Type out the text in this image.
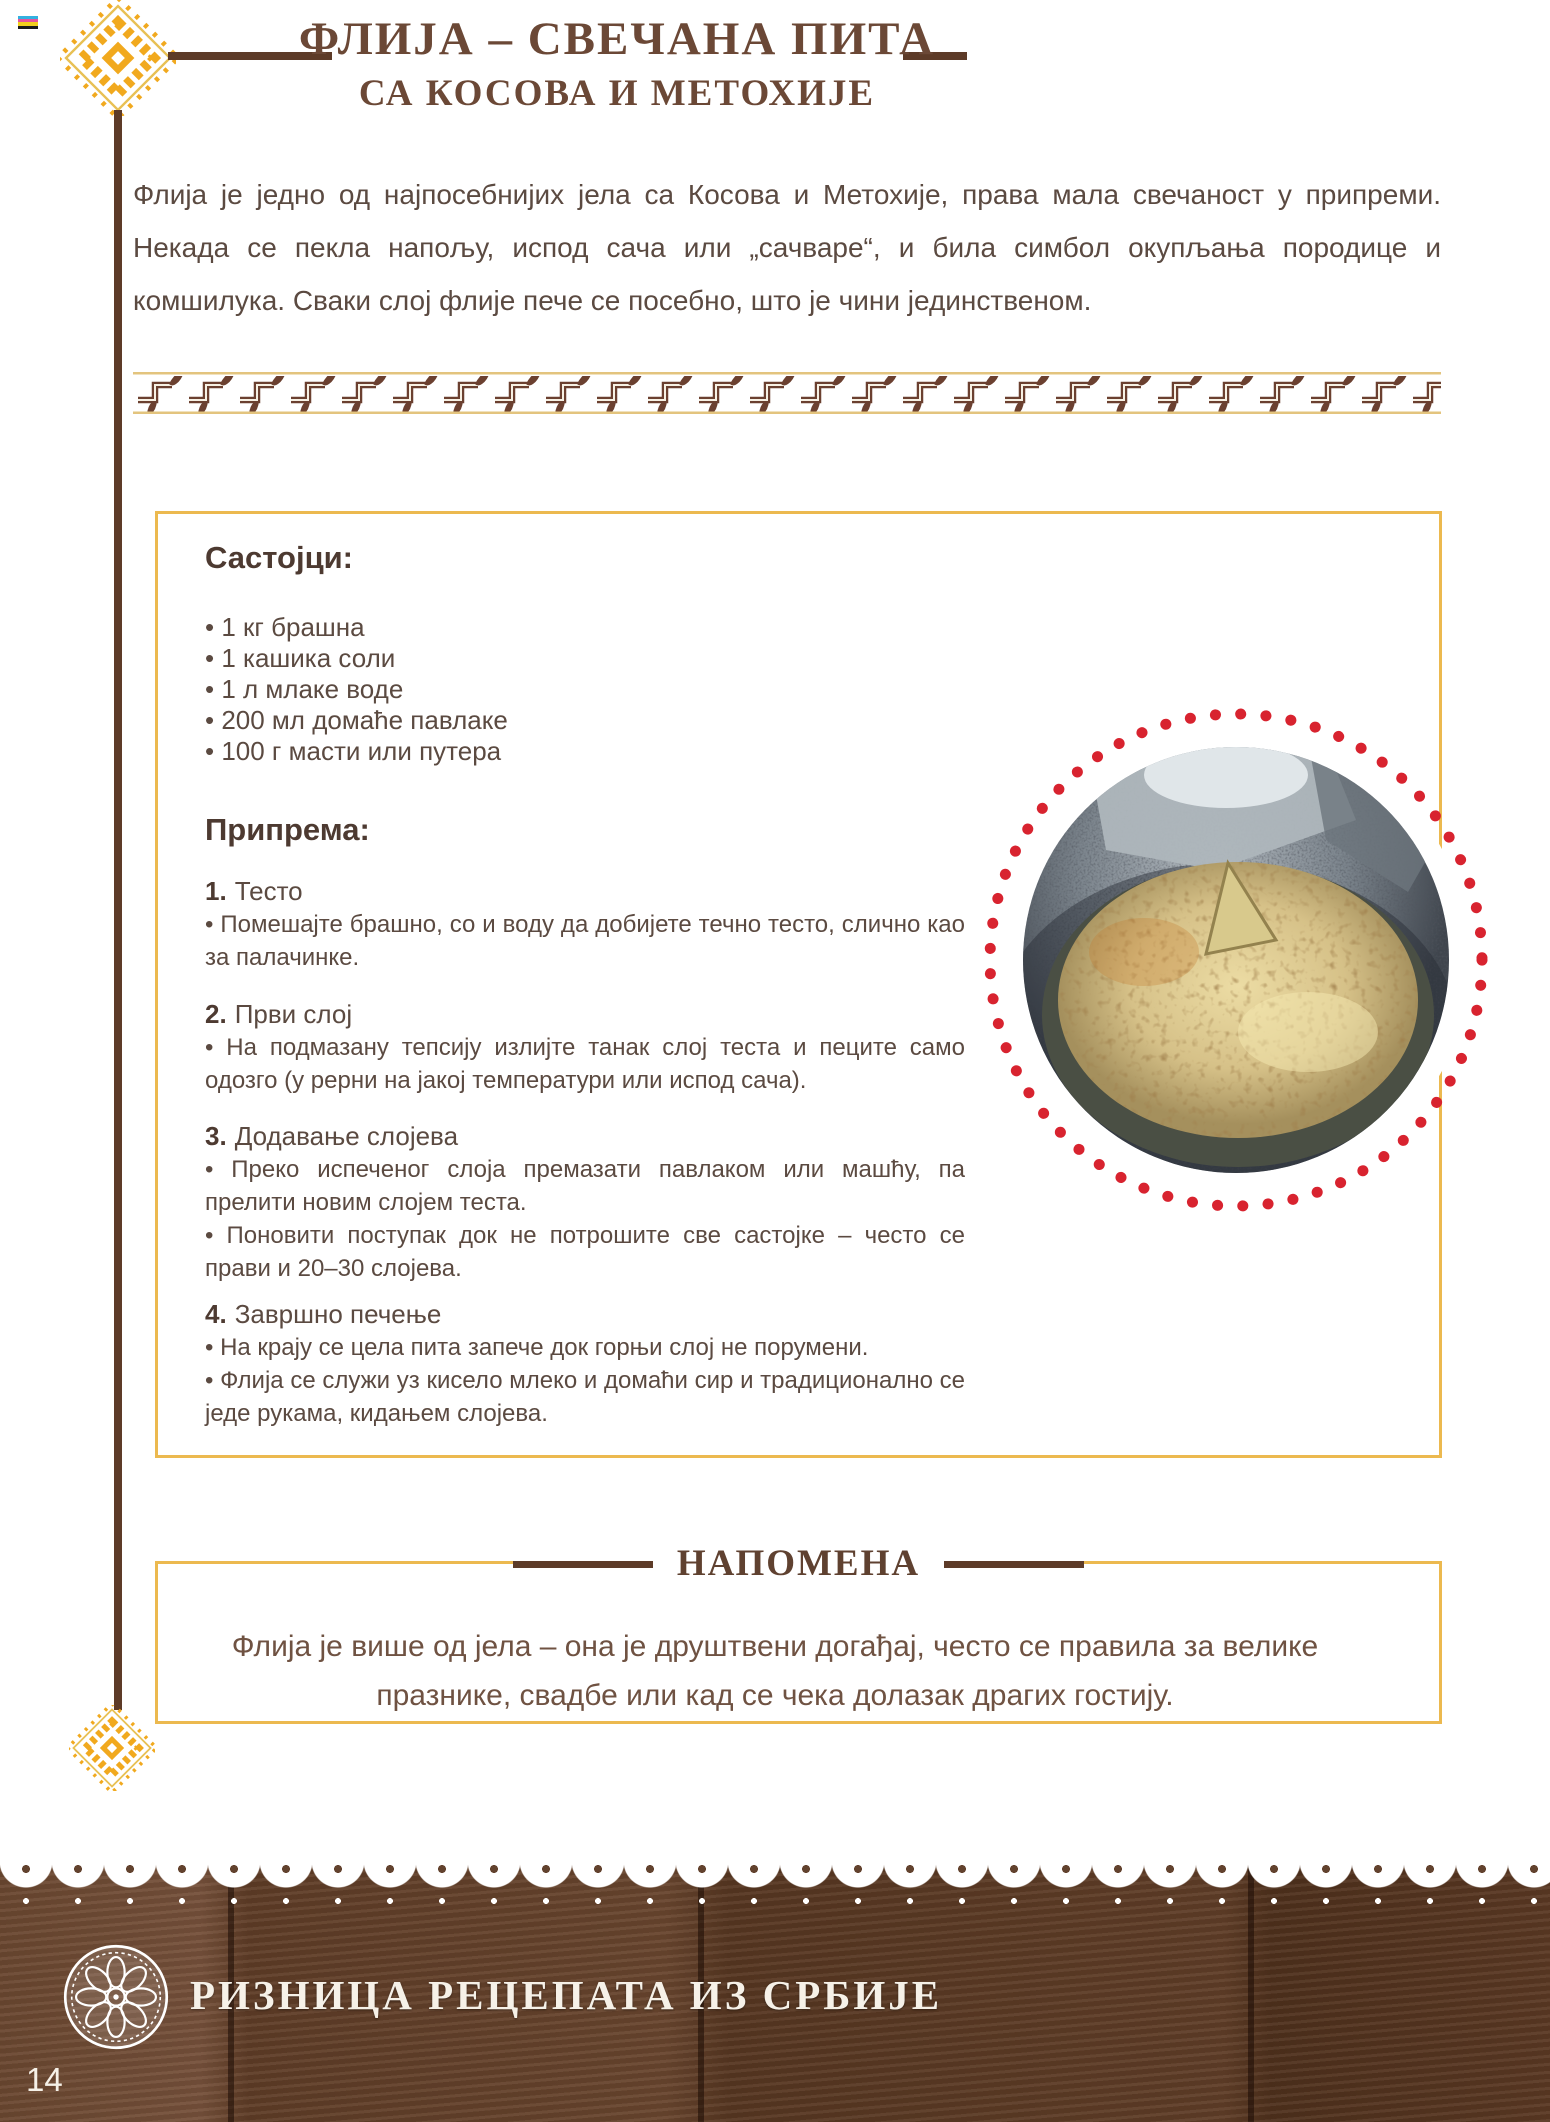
ФЛИЈА – СВЕЧАНА ПИТА
СА КОСОВА И МЕТОХИЈЕ
Флија је једно од најпосебнијих јела са Косова и Метохије, права мала свечаност у припреми. Некада се пекла напољу, испод сача или „сачваре“, и била симбол окупљања породице и комшилука. Сваки слој флије пече се посебно, што је чини јединственом.
Састојци:
• 1 кг брашна
• 1 кашика соли
• 1 л млаке воде
• 200 мл домаће павлаке
• 100 г масти или путера
Припрема:
1. Тесто

• Помешајте брашно, со и воду да добијете течно тесто, слично као за палачинке.

2. Први слој

• На подмазану тепсију излијте танак слој теста и пеците само одозго (у рерни на јакој температури или испод сача).

3. Додавање слојева

• Преко испеченог слоја премазати павлаком или машћу, па прелити новим слојем теста.

• Поновити поступак док не потрошите све састојке – често се прави и 20–30 слојева.

4. Завршно печење

• На крају се цела пита запече док горњи слој не порумени.

• Флија се служи уз кисело млеко и домаћи сир и традиционално се једе рукама, кидањем слојева.

НАПОМЕНА
Флија је више од јела – она је друштвени догађај, често се правила за велике празнике, свадбе или кад се чека долазак драгих гостију.
РИЗНИЦА РЕЦЕПАТА ИЗ СРБИЈЕ
14
